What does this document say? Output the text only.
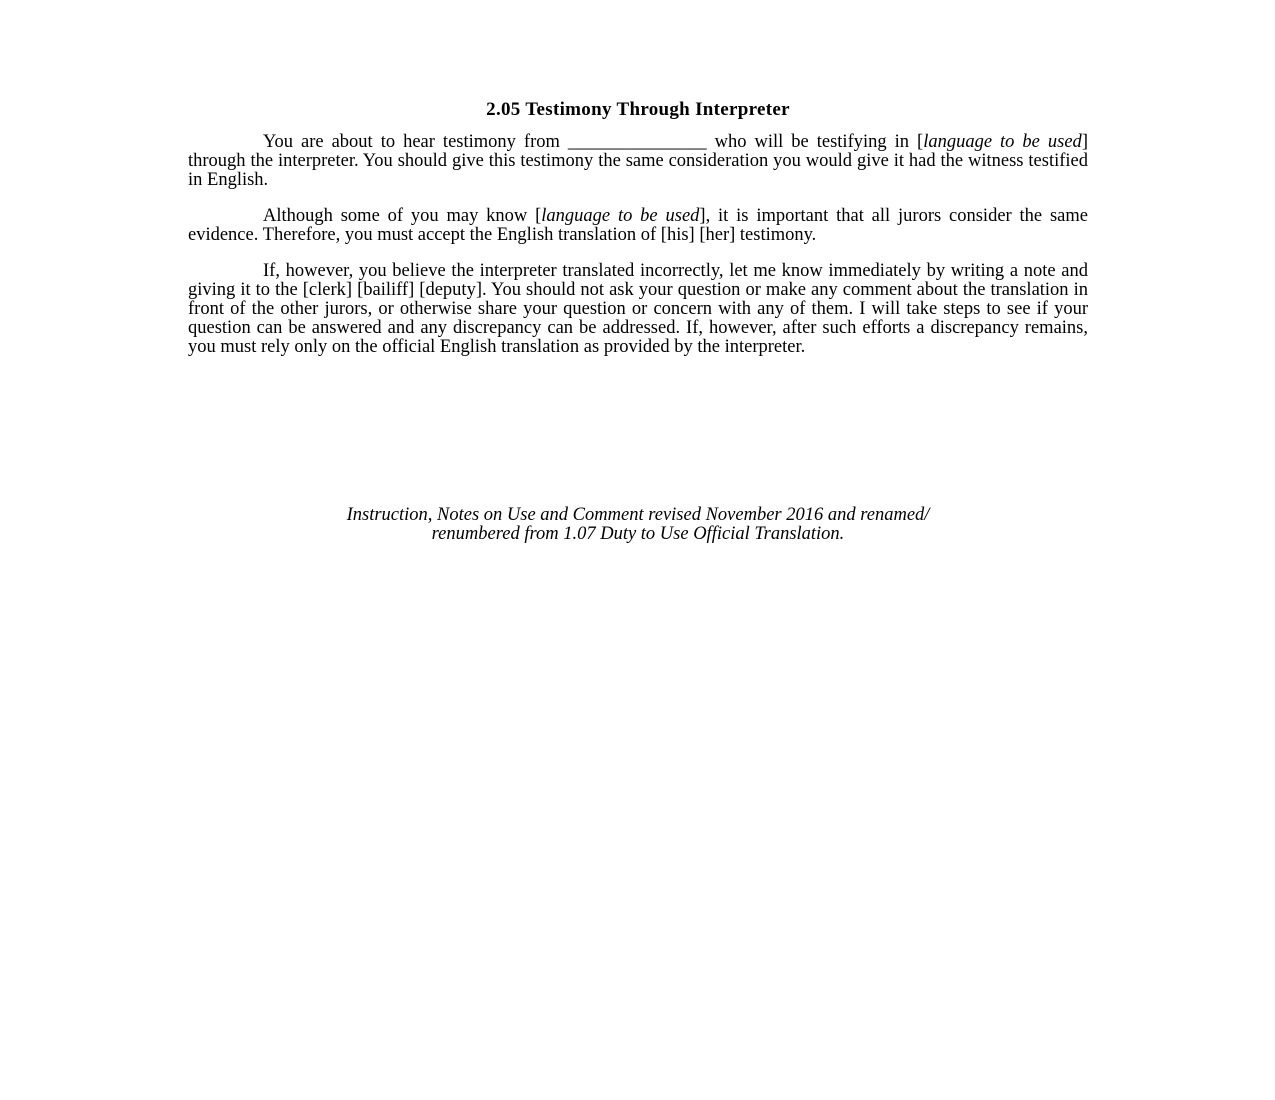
2.05 Testimony Through Interpreter

You are about to hear testimony from _______________ who will be testifying in [language to be used] through the interpreter. You should give this testimony the same consideration you would give it had the witness testified in English.

Although some of you may know [language to be used], it is important that all jurors consider the same evidence. Therefore, you must accept the English translation of [his] [her] testimony.

If, however, you believe the interpreter translated incorrectly, let me know immediately by writing a note and giving it to the [clerk] [bailiff] [deputy]. You should not ask your question or make any comment about the translation in front of the other jurors, or otherwise share your question or concern with any of them. I will take steps to see if your question can be answered and any discrepancy can be addressed. If, however, after such efforts a discrepancy remains, you must rely only on the official English translation as provided by the interpreter.

Instruction, Notes on Use and Comment revised November 2016 and renamed/
renumbered from 1.07 Duty to Use Official Translation.
